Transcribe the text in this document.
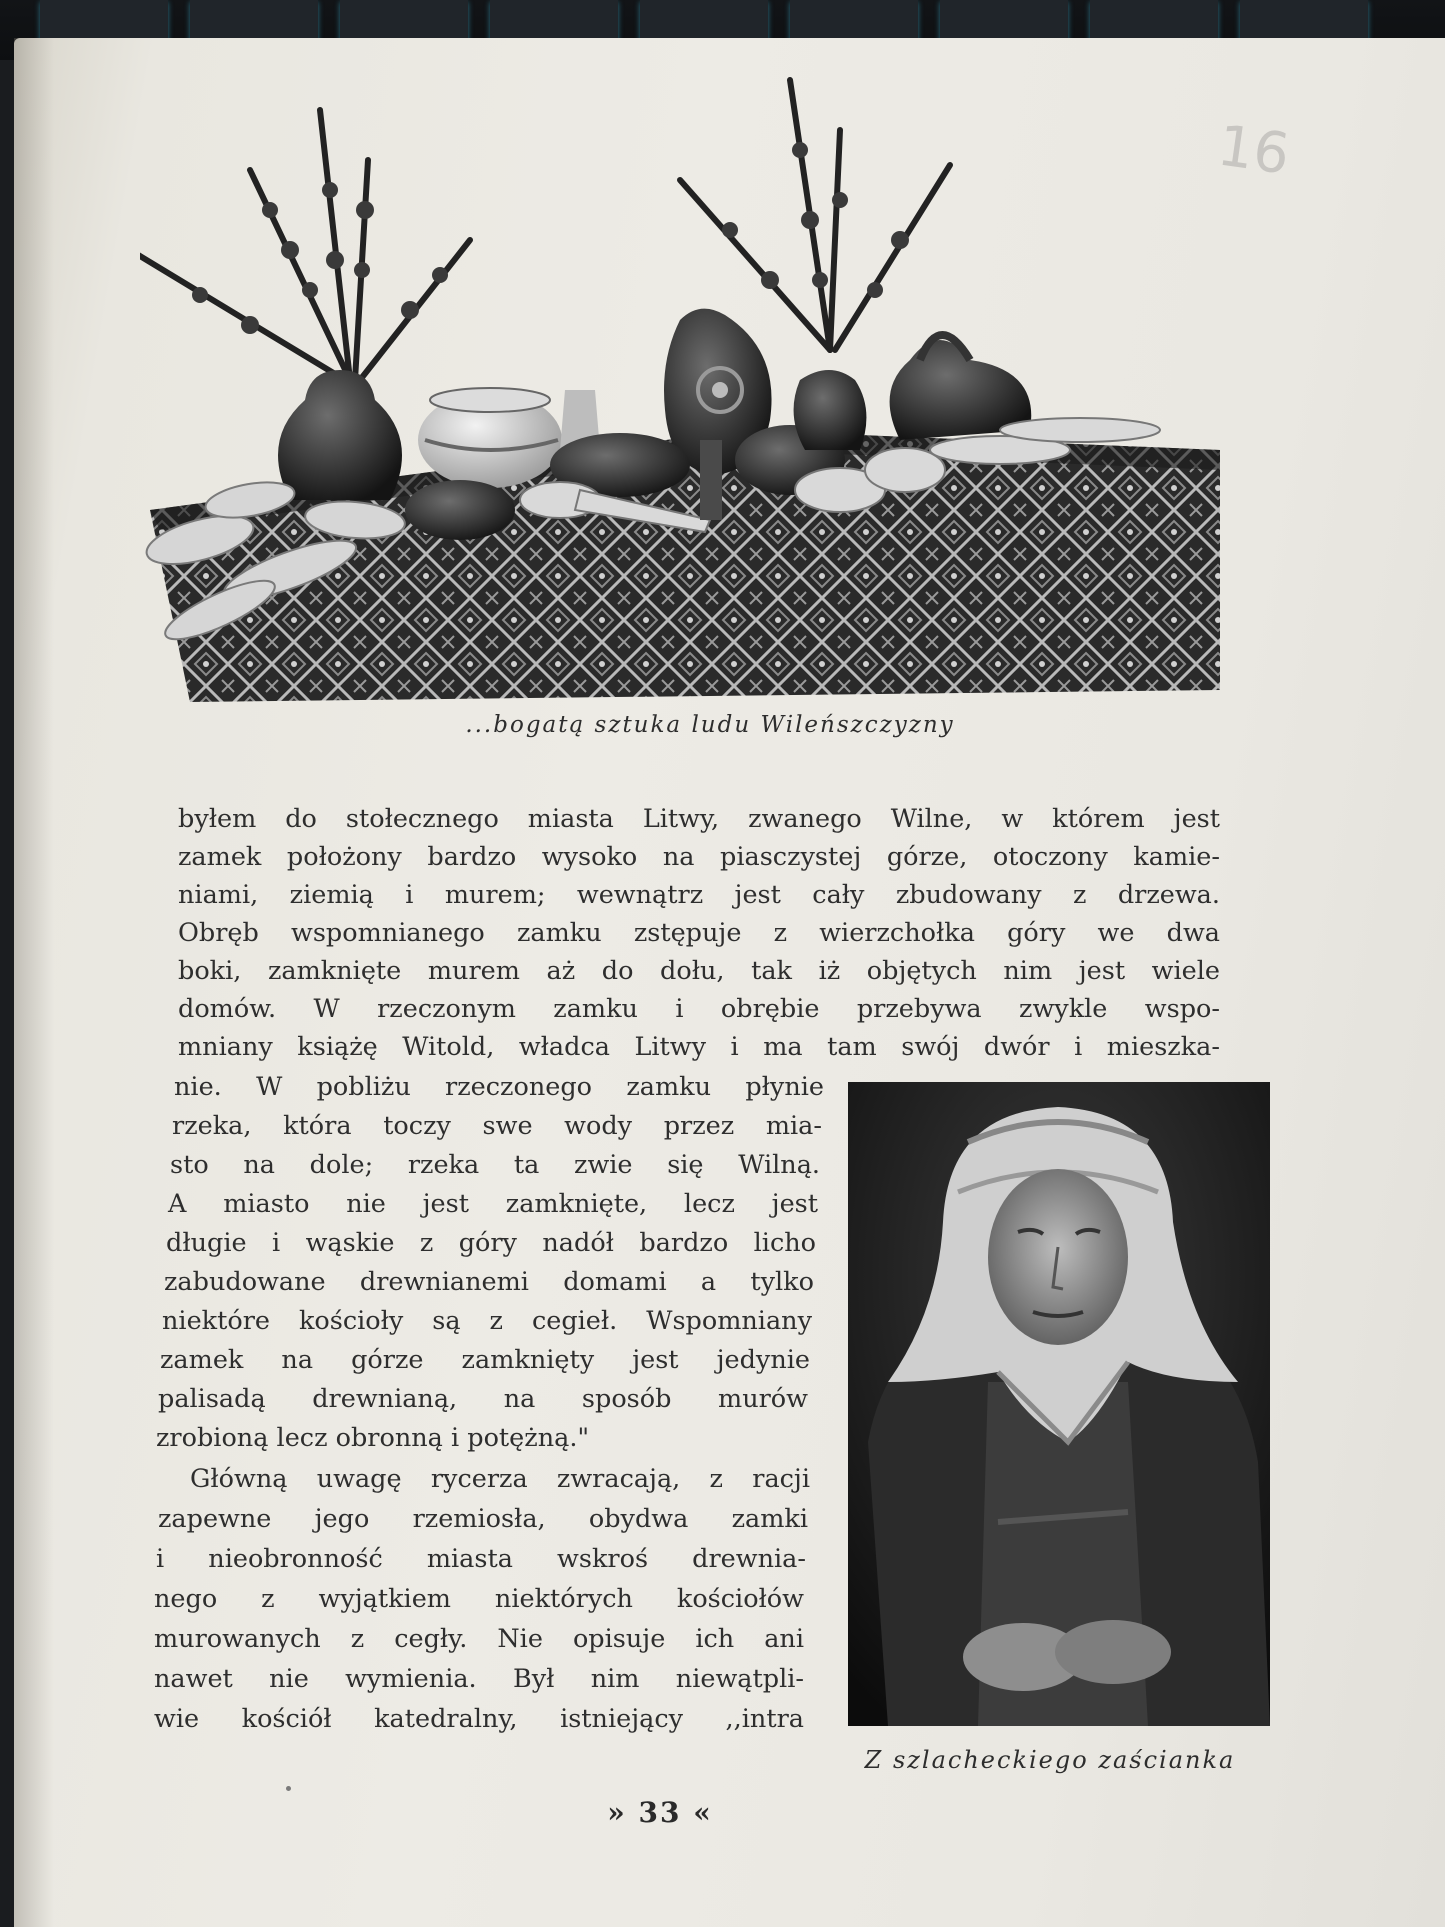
16
...bogatą sztuka ludu Wileńszczyzny
byłem do stołecznego miasta Litwy, zwanego Wilne, w którem jest
zamek położony bardzo wysoko na piasczystej górze, otoczony kamie-
niami, ziemią i murem; wewnątrz jest cały zbudowany z drzewa.
Obręb wspomnianego zamku zstępuje z wierzchołka góry we dwa
boki, zamknięte murem aż do dołu, tak iż objętych nim jest wiele
domów. W rzeczonym zamku i obrębie przebywa zwykle wspo-
mniany książę Witold, władca Litwy i ma tam swój dwór i mieszka-
nie. W pobliżu rzeczonego zamku płynie
rzeka, która toczy swe wody przez mia-
sto na dole; rzeka ta zwie się Wilną.
A miasto nie jest zamknięte, lecz jest
długie i wąskie z góry nadół bardzo licho
zabudowane drewnianemi domami a tylko
niektóre kościoły są z cegieł. Wspomniany
zamek na górze zamknięty jest jedynie
palisadą drewnianą, na sposób murów
zrobioną lecz obronną i potężną."
Główną uwagę rycerza zwracają, z racji
zapewne jego rzemiosła, obydwa zamki
i nieobronność miasta wskroś drewnia-
nego z wyjątkiem niektórych kościołów
murowanych z cegły. Nie opisuje ich ani
nawet nie wymienia. Był nim niewątpli-
wie kościół katedralny, istniejący ,,intra
Z szlacheckiego zaścianka
» 33 «
